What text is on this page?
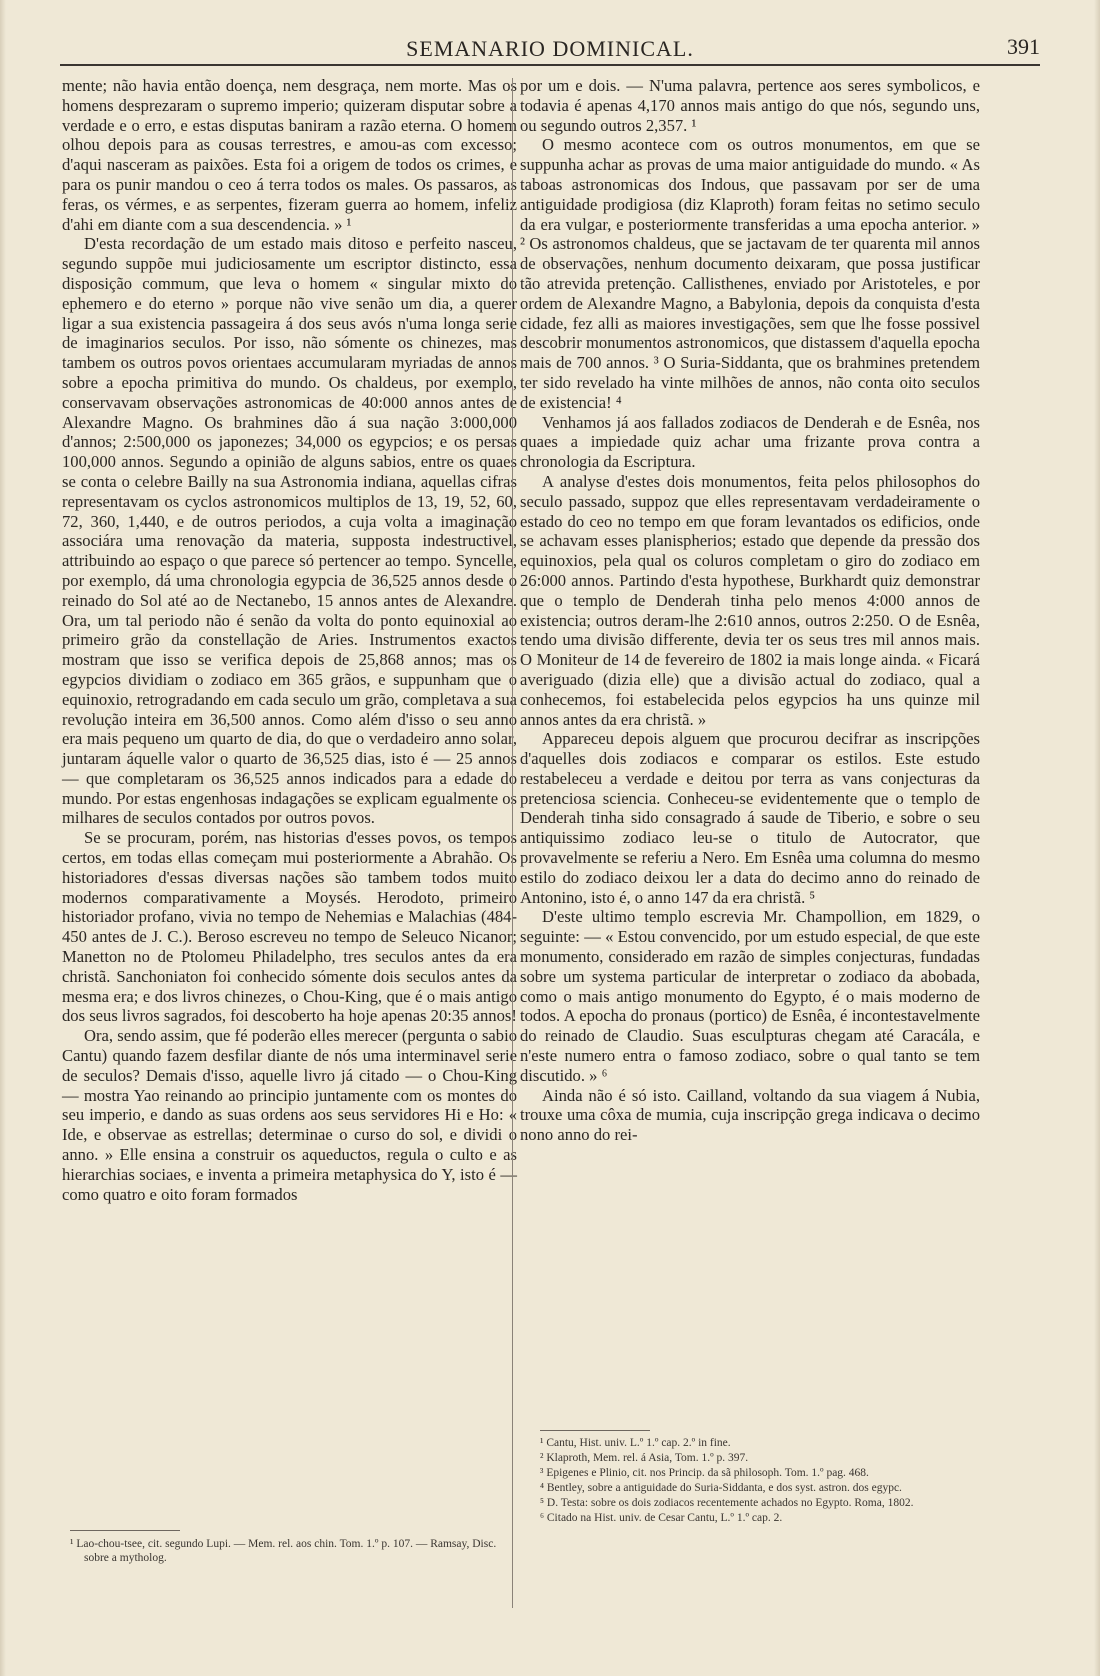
SEMANARIO DOMINICAL.	391

mente; não havia então doença, nem desgraça, nem morte. Mas os homens desprezaram o supremo imperio; quizeram disputar sobre a verdade e o erro, e estas disputas baniram a razão eterna. O homem olhou depois para as cousas terrestres, e amou-as com excesso; d'aqui nasceram as paixões. Esta foi a origem de todos os crimes, e para os punir mandou o ceo á terra todos os males. Os passaros, as feras, os vérmes, e as serpentes, fizeram guerra ao homem, infeliz d'ahi em diante com a sua descendencia. » ¹

D'esta recordação de um estado mais ditoso e perfeito nasceu, segundo suppõe mui judiciosamente um escriptor distincto, essa disposição commum, que leva o homem « singular mixto do ephemero e do eterno » porque não vive senão um dia, a querer ligar a sua existencia passageira á dos seus avós n'uma longa serie de imaginarios seculos. Por isso, não sómente os chinezes, mas tambem os outros povos orientaes accumularam myriadas de annos sobre a epocha primitiva do mundo. Os chaldeus, por exemplo, conservavam observações astronomicas de 40:000 annos antes de Alexandre Magno. Os brahmines dão á sua nação 3:000,000 d'annos; 2:500,000 os japonezes; 34,000 os egypcios; e os persas 100,000 annos. Segundo a opinião de alguns sabios, entre os quaes se conta o celebre Bailly na sua Astronomia indiana, aquellas cifras representavam os cyclos astronomicos multiplos de 13, 19, 52, 60, 72, 360, 1,440, e de outros periodos, a cuja volta a imaginação associára uma renovação da materia, supposta indestructivel, attribuindo ao espaço o que parece só pertencer ao tempo. Syncelle, por exemplo, dá uma chronologia egypcia de 36,525 annos desde o reinado do Sol até ao de Nectanebo, 15 annos antes de Alexandre. Ora, um tal periodo não é senão da volta do ponto equinoxial ao primeiro grão da constellação de Aries. Instrumentos exactos mostram que isso se verifica depois de 25,868 annos; mas os egypcios dividiam o zodiaco em 365 grãos, e suppunham que o equinoxio, retrogradando em cada seculo um grão, completava a sua revolução inteira em 36,500 annos. Como além d'isso o seu anno era mais pequeno um quarto de dia, do que o verdadeiro anno solar, juntaram áquelle valor o quarto de 36,525 dias, isto é — 25 annos — que completaram os 36,525 annos indicados para a edade do mundo. Por estas engenhosas indagações se explicam egualmente os milhares de seculos contados por outros povos.

Se se procuram, porém, nas historias d'esses povos, os tempos certos, em todas ellas começam mui posteriormente a Abrahão. Os historiadores d'essas diversas nações são tambem todos muito modernos comparativamente a Moysés. Herodoto, primeiro historiador profano, vivia no tempo de Nehemias e Malachias (484-450 antes de J. C.). Beroso escreveu no tempo de Seleuco Nicanor; Manetton no de Ptolomeu Philadelpho, tres seculos antes da era christã. Sanchoniaton foi conhecido sómente dois seculos antes da mesma era; e dos livros chinezes, o Chou-King, que é o mais antigo dos seus livros sagrados, foi descoberto ha hoje apenas 20:35 annos!

Ora, sendo assim, que fé poderão elles merecer (pergunta o sabio Cantu) quando fazem desfilar diante de nós uma interminavel serie de seculos? Demais d'isso, aquelle livro já citado — o Chou-King — mostra Yao reinando ao principio juntamente com os montes do seu imperio, e dando as suas ordens aos seus servidores Hi e Ho: « Ide, e observae as estrellas; determinae o curso do sol, e dividi o anno. » Elle ensina a construir os aqueductos, regula o culto e as hierarchias sociaes, e inventa a primeira metaphysica do Y, isto é — como quatro e oito foram formados

por um e dois. — N'uma palavra, pertence aos seres symbolicos, e todavia é apenas 4,170 annos mais antigo do que nós, segundo uns, ou segundo outros 2,357. ¹

O mesmo acontece com os outros monumentos, em que se suppunha achar as provas de uma maior antiguidade do mundo. « As taboas astronomicas dos Indous, que passavam por ser de uma antiguidade prodigiosa (diz Klaproth) foram feitas no setimo seculo da era vulgar, e posteriormente transferidas a uma epocha anterior. » ² Os astronomos chaldeus, que se jactavam de ter quarenta mil annos de observações, nenhum documento deixaram, que possa justificar tão atrevida pretenção. Callisthenes, enviado por Aristoteles, e por ordem de Alexandre Magno, a Babylonia, depois da conquista d'esta cidade, fez alli as maiores investigações, sem que lhe fosse possivel descobrir monumentos astronomicos, que distassem d'aquella epocha mais de 700 annos. ³ O Suria-Siddanta, que os brahmines pretendem ter sido revelado ha vinte milhões de annos, não conta oito seculos de existencia! ⁴

Venhamos já aos fallados zodiacos de Denderah e de Esnêa, nos quaes a impiedade quiz achar uma frizante prova contra a chronologia da Escriptura.

A analyse d'estes dois monumentos, feita pelos philosophos do seculo passado, suppoz que elles representavam verdadeiramente o estado do ceo no tempo em que foram levantados os edificios, onde se achavam esses planispherios; estado que depende da pressão dos equinoxios, pela qual os coluros completam o giro do zodiaco em 26:000 annos. Partindo d'esta hypothese, Burkhardt quiz demonstrar que o templo de Denderah tinha pelo menos 4:000 annos de existencia; outros deram-lhe 2:610 annos, outros 2:250. O de Esnêa, tendo uma divisão differente, devia ter os seus tres mil annos mais. O Moniteur de 14 de fevereiro de 1802 ia mais longe ainda. « Ficará averiguado (dizia elle) que a divisão actual do zodiaco, qual a conhecemos, foi estabelecida pelos egypcios ha uns quinze mil annos antes da era christã. »

Appareceu depois alguem que procurou decifrar as inscripções d'aquelles dois zodiacos e comparar os estilos. Este estudo restabeleceu a verdade e deitou por terra as vans conjecturas da pretenciosa sciencia. Conheceu-se evidentemente que o templo de Denderah tinha sido consagrado á saude de Tiberio, e sobre o seu antiquissimo zodiaco leu-se o titulo de Autocrator, que provavelmente se referiu a Nero. Em Esnêa uma columna do mesmo estilo do zodiaco deixou ler a data do decimo anno do reinado de Antonino, isto é, o anno 147 da era christã. ⁵

D'este ultimo templo escrevia Mr. Champollion, em 1829, o seguinte: — « Estou convencido, por um estudo especial, de que este monumento, considerado em razão de simples conjecturas, fundadas sobre um systema particular de interpretar o zodiaco da abobada, como o mais antigo monumento do Egypto, é o mais moderno de todos. A epocha do pronaus (portico) de Esnêa, é incontestavelmente do reinado de Claudio. Suas esculpturas chegam até Caracála, e n'este numero entra o famoso zodiaco, sobre o qual tanto se tem discutido. » ⁶

Ainda não é só isto. Cailland, voltando da sua viagem á Nubia, trouxe uma côxa de mumia, cuja inscripção grega indicava o decimo nono anno do rei-

¹ Lao-chou-tsee, cit. segundo Lupi. — Mem. rel. aos chin. Tom. 1.º p. 107. — Ramsay, Disc. sobre a mytholog.
¹ Cantu, Hist. univ. L.º 1.º cap. 2.º in fine.
² Klaproth, Mem. rel. á Asia, Tom. 1.º p. 397.
³ Epigenes e Plinio, cit. nos Princip. da sã philosoph. Tom. 1.º pag. 468.
⁴ Bentley, sobre a antiguidade do Suria-Siddanta, e dos syst. astron. dos egypc.
⁵ D. Testa: sobre os dois zodiacos recentemente achados no Egypto. Roma, 1802.
⁶ Citado na Hist. univ. de Cesar Cantu, L.º 1.º cap. 2.
